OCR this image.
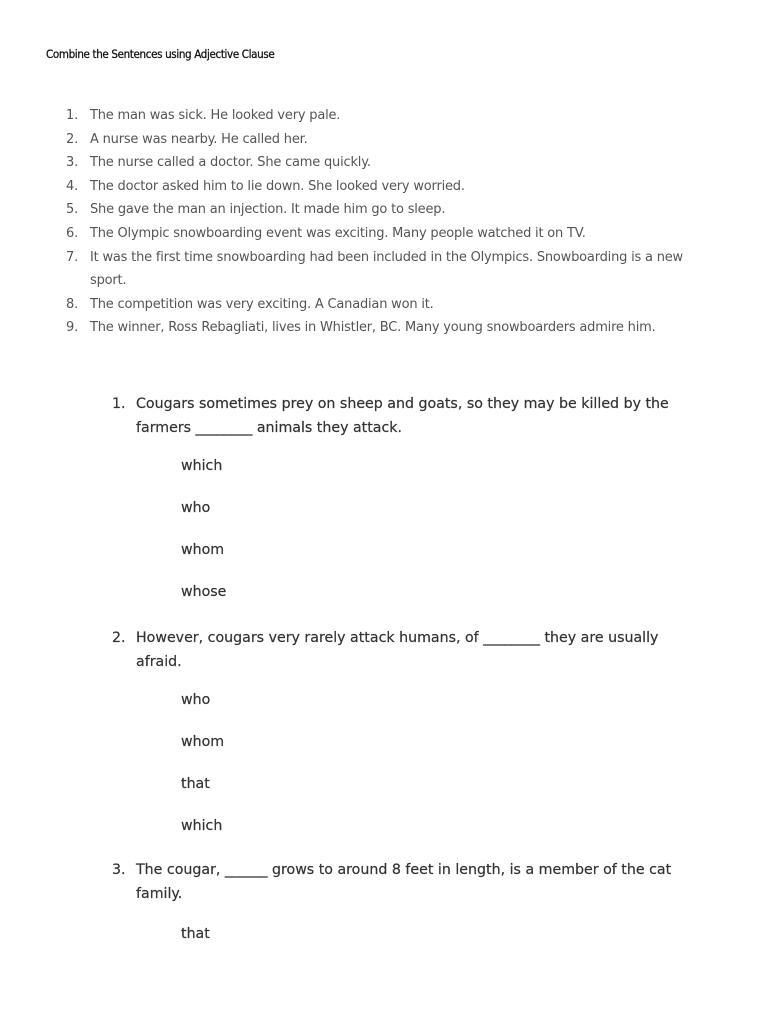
Combine the Sentences using Adjective Clause
1. The man was sick. He looked very pale.
2. A nurse was nearby. He called her.
3. The nurse called a doctor. She came quickly.
4. The doctor asked him to lie down. She looked very worried.
5. She gave the man an injection. It made him go to sleep.
6. The Olympic snowboarding event was exciting. Many people watched it on TV.
7. It was the first time snowboarding had been included in the Olympics. Snowboarding is a new sport.
8. The competition was very exciting. A Canadian won it.
9. The winner, Ross Rebagliati, lives in Whistler, BC. Many young snowboarders admire him.
1. Cougars sometimes prey on sheep and goats, so they may be killed by the farmers ________ animals they attack.
which
who
whom
whose
2. However, cougars very rarely attack humans, of ________ they are usually afraid.
who
whom
that
which
3. The cougar, ______ grows to around 8 feet in length, is a member of the cat family.
that
